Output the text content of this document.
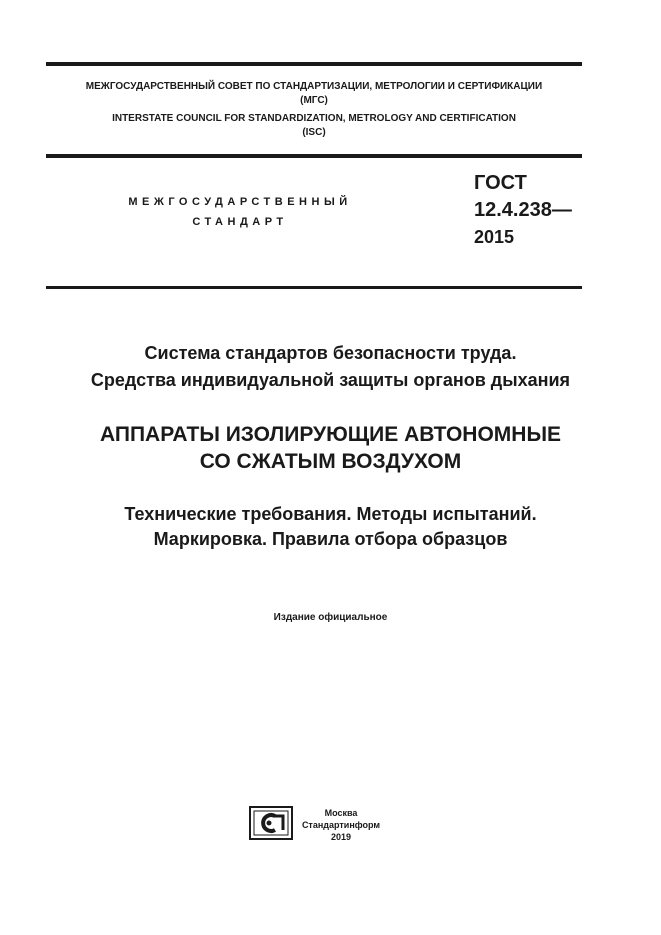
МЕЖГОСУДАРСТВЕННЫЙ СОВЕТ ПО СТАНДАРТИЗАЦИИ, МЕТРОЛОГИИ И СЕРТИФИКАЦИИ
(МГС)
INTERSTATE COUNCIL FOR STANDARDIZATION, METROLOGY AND CERTIFICATION
(ISC)
МЕЖГОСУДАРСТВЕННЫЙ
СТАНДАРТ
ГОСТ
12.4.238—
2015
Система стандартов безопасности труда.
Средства индивидуальной защиты органов дыхания
АППАРАТЫ ИЗОЛИРУЮЩИЕ АВТОНОМНЫЕ
СО СЖАТЫМ ВОЗДУХОМ
Технические требования. Методы испытаний.
Маркировка. Правила отбора образцов
Издание официальное
Москва
Стандартинформ
2019
